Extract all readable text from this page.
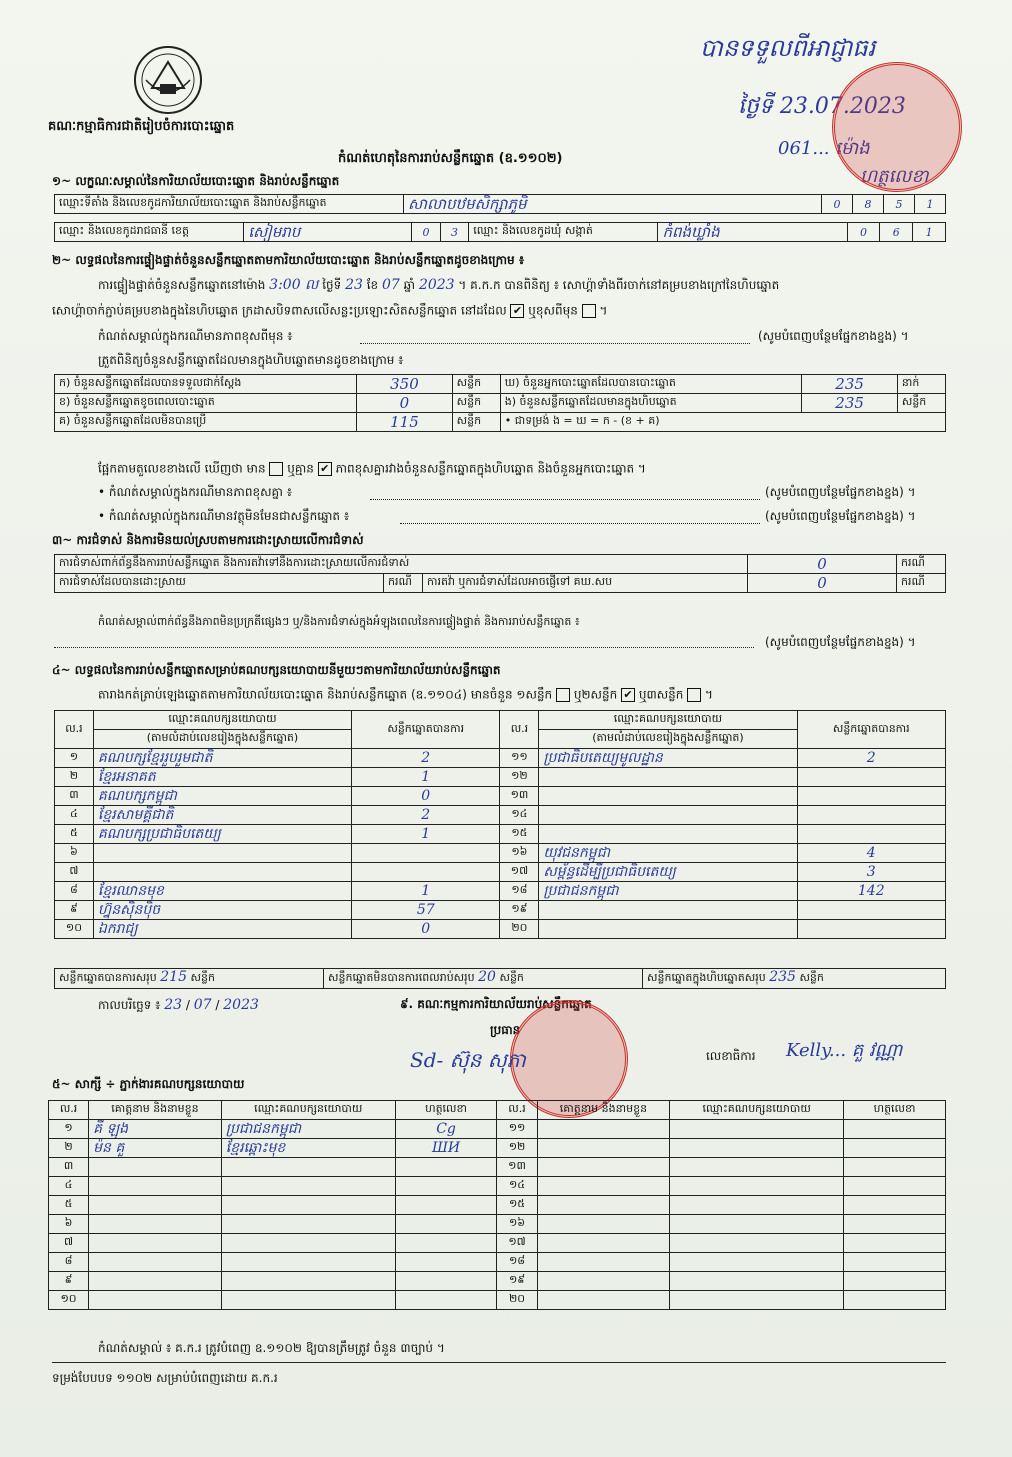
គណៈកម្មាធិការជាតិរៀបចំការបោះឆ្នោត
កំណត់ហេតុនៃការរាប់សន្លឹកឆ្នោត (ឧ.១១០២)
បានទទួលពីអាជ្ញាធរ
ថ្ងៃទី 23.07.2023
061... ម៉ោង
ហត្ថលេខា
១~ លក្ខណៈសម្គាល់នៃការិយាល័យបោះឆ្នោត និងរាប់សន្លឹកឆ្នោត
ឈ្មោះទីតាំង និងលេខកូដការិយាល័យបោះឆ្នោត និងរាប់សន្លឹកឆ្នោត	សាលាបឋមសិក្សាភូមិ	0	8	5	1
ឈ្មោះ និងលេខកូដរាជធានី ខេត្ត	សៀមរាប	0	3	ឈ្មោះ និងលេខកូដឃុំ សង្កាត់	កំពង់ឃ្លាំង	0	6	1
២~ លទ្ធផលនៃការផ្ទៀងផ្ទាត់ចំនួនសន្លឹកឆ្នោតតាមការិយាល័យបោះឆ្នោត និងរាប់សន្លឹកឆ្នោតដូចខាងក្រោម ៖
ការផ្ទៀងផ្ទាត់ចំនួនសន្លឹកឆ្នោតនៅម៉ោង 3:00 ល ថ្ងៃទី 23 ខែ 07 ឆ្នាំ 2023 ។ គ.ក.ក បានពិនិត្យ ៖ សោហ្គ៉ាទាំងពីរចាក់នៅគម្របខាងក្រៅនៃហិបឆ្នោត
សោហ្គ៉ាចាក់ភ្ជាប់គម្របខាងក្នុងនៃហិបឆ្នោត ក្រដាសបិទពាសលើសន្លះប្រឡោះសិតសន្លឹកឆ្នោត នៅដដែល ✔ ឬខុសពីមុន  ។
កំណត់សម្គាល់ក្នុងករណីមានភាពខុសពីមុន ៖	(សូមបំពេញបន្ថែមផ្នែកខាងខ្នង) ។
ត្រួតពិនិត្យចំនួនសន្លឹកឆ្នោតដែលមានក្នុងហិបឆ្នោតមានដូចខាងក្រោម ៖
ក) ចំនួនសន្លឹកឆ្នោតដែលបានទទួលជាក់ស្តែង	350	សន្លឹក	ឃ) ចំនួនអ្នកបោះឆ្នោតដែលបានបោះឆ្នោត	235	នាក់
ខ) ចំនួនសន្លឹកឆ្នោតខូចពេលបោះឆ្នោត	0	សន្លឹក	ង) ចំនួនសន្លឹកឆ្នោតដែលមានក្នុងហិបឆ្នោត	235	សន្លឹក
គ) ចំនួនសន្លឹកឆ្នោតដែលមិនបានប្រើ	115	សន្លឹក	• ជាទម្រង់ ង = ឃ = ក - (ខ + គ)		
ផ្អែកតាមតួលេខខាងលើ ឃើញថា មាន ឬគ្មាន ✔ ភាពខុសគ្នារវាងចំនួនសន្លឹកឆ្នោតក្នុងហិបឆ្នោត និងចំនួនអ្នកបោះឆ្នោត ។
• កំណត់សម្គាល់ក្នុងករណីមានភាពខុសគ្នា ៖	(សូមបំពេញបន្ថែមផ្នែកខាងខ្នង) ។
• កំណត់សម្គាល់ក្នុងករណីមានវត្ថុមិនមែនជាសន្លឹកឆ្នោត ៖	(សូមបំពេញបន្ថែមផ្នែកខាងខ្នង) ។
៣~ ការជំទាស់ និងការមិនយល់ស្របតាមការដោះស្រាយលើការជំទាស់
ការជំទាស់ពាក់ព័ន្ធនឹងការរាប់សន្លឹកឆ្នោត និងការតវ៉ាទៅនឹងការដោះស្រាយលើការជំទាស់			0	ករណី
ការជំទាស់ដែលបានដោះស្រាយ	ករណី	ការតវ៉ា ឬការជំទាស់ដែលអាចផ្ញើទៅ គឃ.សប	0	ករណី
កំណត់សម្គាល់ពាក់ព័ន្ធនឹងភាពមិនប្រក្រតីផ្សេងៗ ឬ/និងការជំទាស់ក្នុងអំឡុងពេលនៃការផ្ទៀងផ្ទាត់ និងការរាប់សន្លឹកឆ្នោត ៖
(សូមបំពេញបន្ថែមផ្នែកខាងខ្នង) ។
៤~ លទ្ធផលនៃការរាប់សន្លឹកឆ្នោតសម្រាប់គណបក្សនយោបាយនីមួយៗតាមការិយាល័យរាប់សន្លឹកឆ្នោត
តារាងកត់ត្រាប់ឡេងឆ្នោតតាមការិយាល័យបោះឆ្នោត និងរាប់សន្លឹកឆ្នោត (ឧ.១១០៤) មានចំនួន ១សន្លឹក ឬ២សន្លឹក ✔ ឬ៣សន្លឹក  ។
ល.រ	ឈ្មោះគណបក្សនយោបាយ	សន្លឹកឆ្នោតបានការ	ល.រ	ឈ្មោះគណបក្សនយោបាយ	សន្លឹកឆ្នោតបានការ
	(តាមលំដាប់លេខរៀងក្នុងសន្លឹកឆ្នោត)			(តាមលំដាប់លេខរៀងក្នុងសន្លឹកឆ្នោត)	
១	គណបក្សខ្មែររួបរួមជាតិ	2	១១	ប្រជាធិបតេយ្យមូលដ្ឋាន	2
២	ខ្មែរអនាគត	1	១២		
៣	គណបក្សកម្ពុជា	0	១៣		
៤	ខ្មែរសាមគ្គីជាតិ	2	១៤		
៥	គណបក្សប្រជាធិបតេយ្យ	1	១៥		
៦			១៦	យុវជនកម្ពុជា	4
៧			១៧	សម្ព័ន្ធដើម្បីប្រជាធិបតេយ្យ	3
៨	ខ្មែរឈានមុខ	1	១៨	ប្រជាជនកម្ពុជា	142
៩	ហ្វ៊ុនស៊ិនប៉ិច	57	១៩		
១០	ឯករាជ្យ	0	២០		
សន្លឹកឆ្នោតបានការសរុប 215 សន្លឹក	សន្លឹកឆ្នោតមិនបានការពេលរាប់សរុប 20 សន្លឹក	សន្លឹកឆ្នោតក្នុងហិបឆ្នោតសរុប 235 សន្លឹក
កាលបរិច្ឆេទ ៖ 23 / 07 / 2023	៩. គណៈកម្មការការិយាល័យរាប់សន្លឹកឆ្នោត
ប្រធាន
Sd- ស៊ុន សុភា	លេខាធិការ Kelly... គួ វណ្ណា
៥~ សាក្សី ÷ ភ្នាក់ងារគណបក្សនយោបាយ
ល.រ	គោត្តនាម និងនាមខ្លួន	ឈ្មោះគណបក្សនយោបាយ	ហត្ថលេខា	ល.រ	គោត្តនាម និងនាមខ្លួន	ឈ្មោះគណបក្សនយោបាយ	ហត្ថលេខា
១	គី ឡុង	ប្រជាជនកម្ពុជា	Cg	១១			
២	ម៉ន គួ	ខ្មែរឆ្ពោះមុខ	ШИ	១២			
៣				១៣			
៤				១៤			
៥				១៥			
៦				១៦			
៧				១៧			
៨				១៨			
៩				១៩			
១០				២០			
កំណត់សម្គាល់ ៖ គ.ក.រ ត្រូវបំពេញ ឧ.១១០២ ឱ្យបានត្រឹមត្រូវ ចំនួន ៣ច្បាប់ ។
ទម្រង់បែបបទ ១១០២ សម្រាប់បំពេញដោយ គ.ក.រ
